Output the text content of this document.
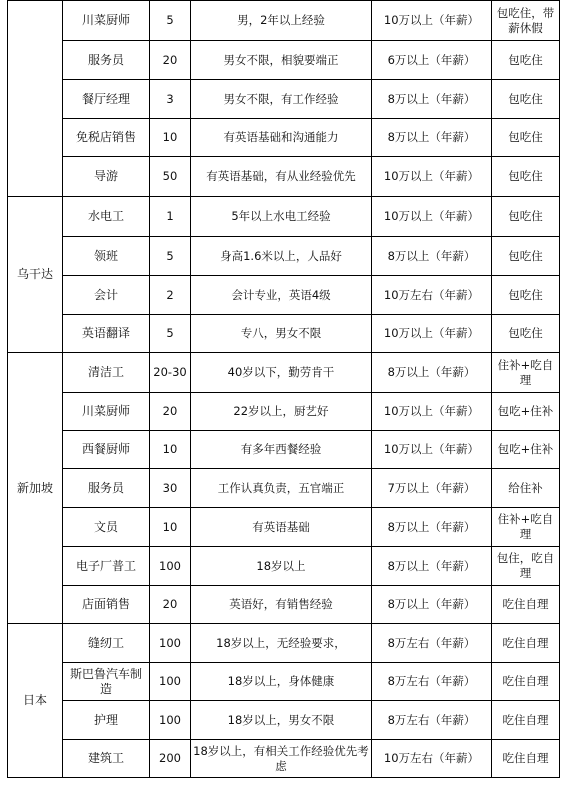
	川菜厨师	5	男，2年以上经验	10万以上（年薪）	包吃住，带薪休假
	服务员	20	男女不限，相貌要端正	6万以上（年薪）	包吃住
	餐厅经理	3	男女不限，有工作经验	8万以上（年薪）	包吃住
	免税店销售	10	有英语基础和沟通能力	8万以上（年薪）	包吃住
	导游	50	有英语基础，有从业经验优先	10万以上（年薪）	包吃住
乌干达	水电工	1	5年以上水电工经验	10万以上（年薪）	包吃住
	领班	5	身高1.6米以上，人品好	8万以上（年薪）	包吃住
	会计	2	会计专业，英语4级	10万左右（年薪）	包吃住
	英语翻译	5	专八，男女不限	10万以上（年薪）	包吃住
新加坡	清洁工	20-30	40岁以下，勤劳肯干	8万以上（年薪）	住补+吃自理
	川菜厨师	20	22岁以上，厨艺好	10万以上（年薪）	包吃+住补
	西餐厨师	10	有多年西餐经验	10万以上（年薪）	包吃+住补
	服务员	30	工作认真负责，五官端正	7万以上（年薪）	给住补
	文员	10	有英语基础	8万以上（年薪）	住补+吃自理
	电子厂普工	100	18岁以上	8万以上（年薪）	包住，吃自理
	店面销售	20	英语好，有销售经验	8万以上（年薪）	吃住自理
日本	缝纫工	100	18岁以上，无经验要求，	8万左右（年薪）	吃住自理
	斯巴鲁汽车制造	100	18岁以上，身体健康	8万左右（年薪）	吃住自理
	护理	100	18岁以上，男女不限	8万左右（年薪）	吃住自理
	建筑工	200	18岁以上，有相关工作经验优先考虑	10万左右（年薪）	吃住自理
